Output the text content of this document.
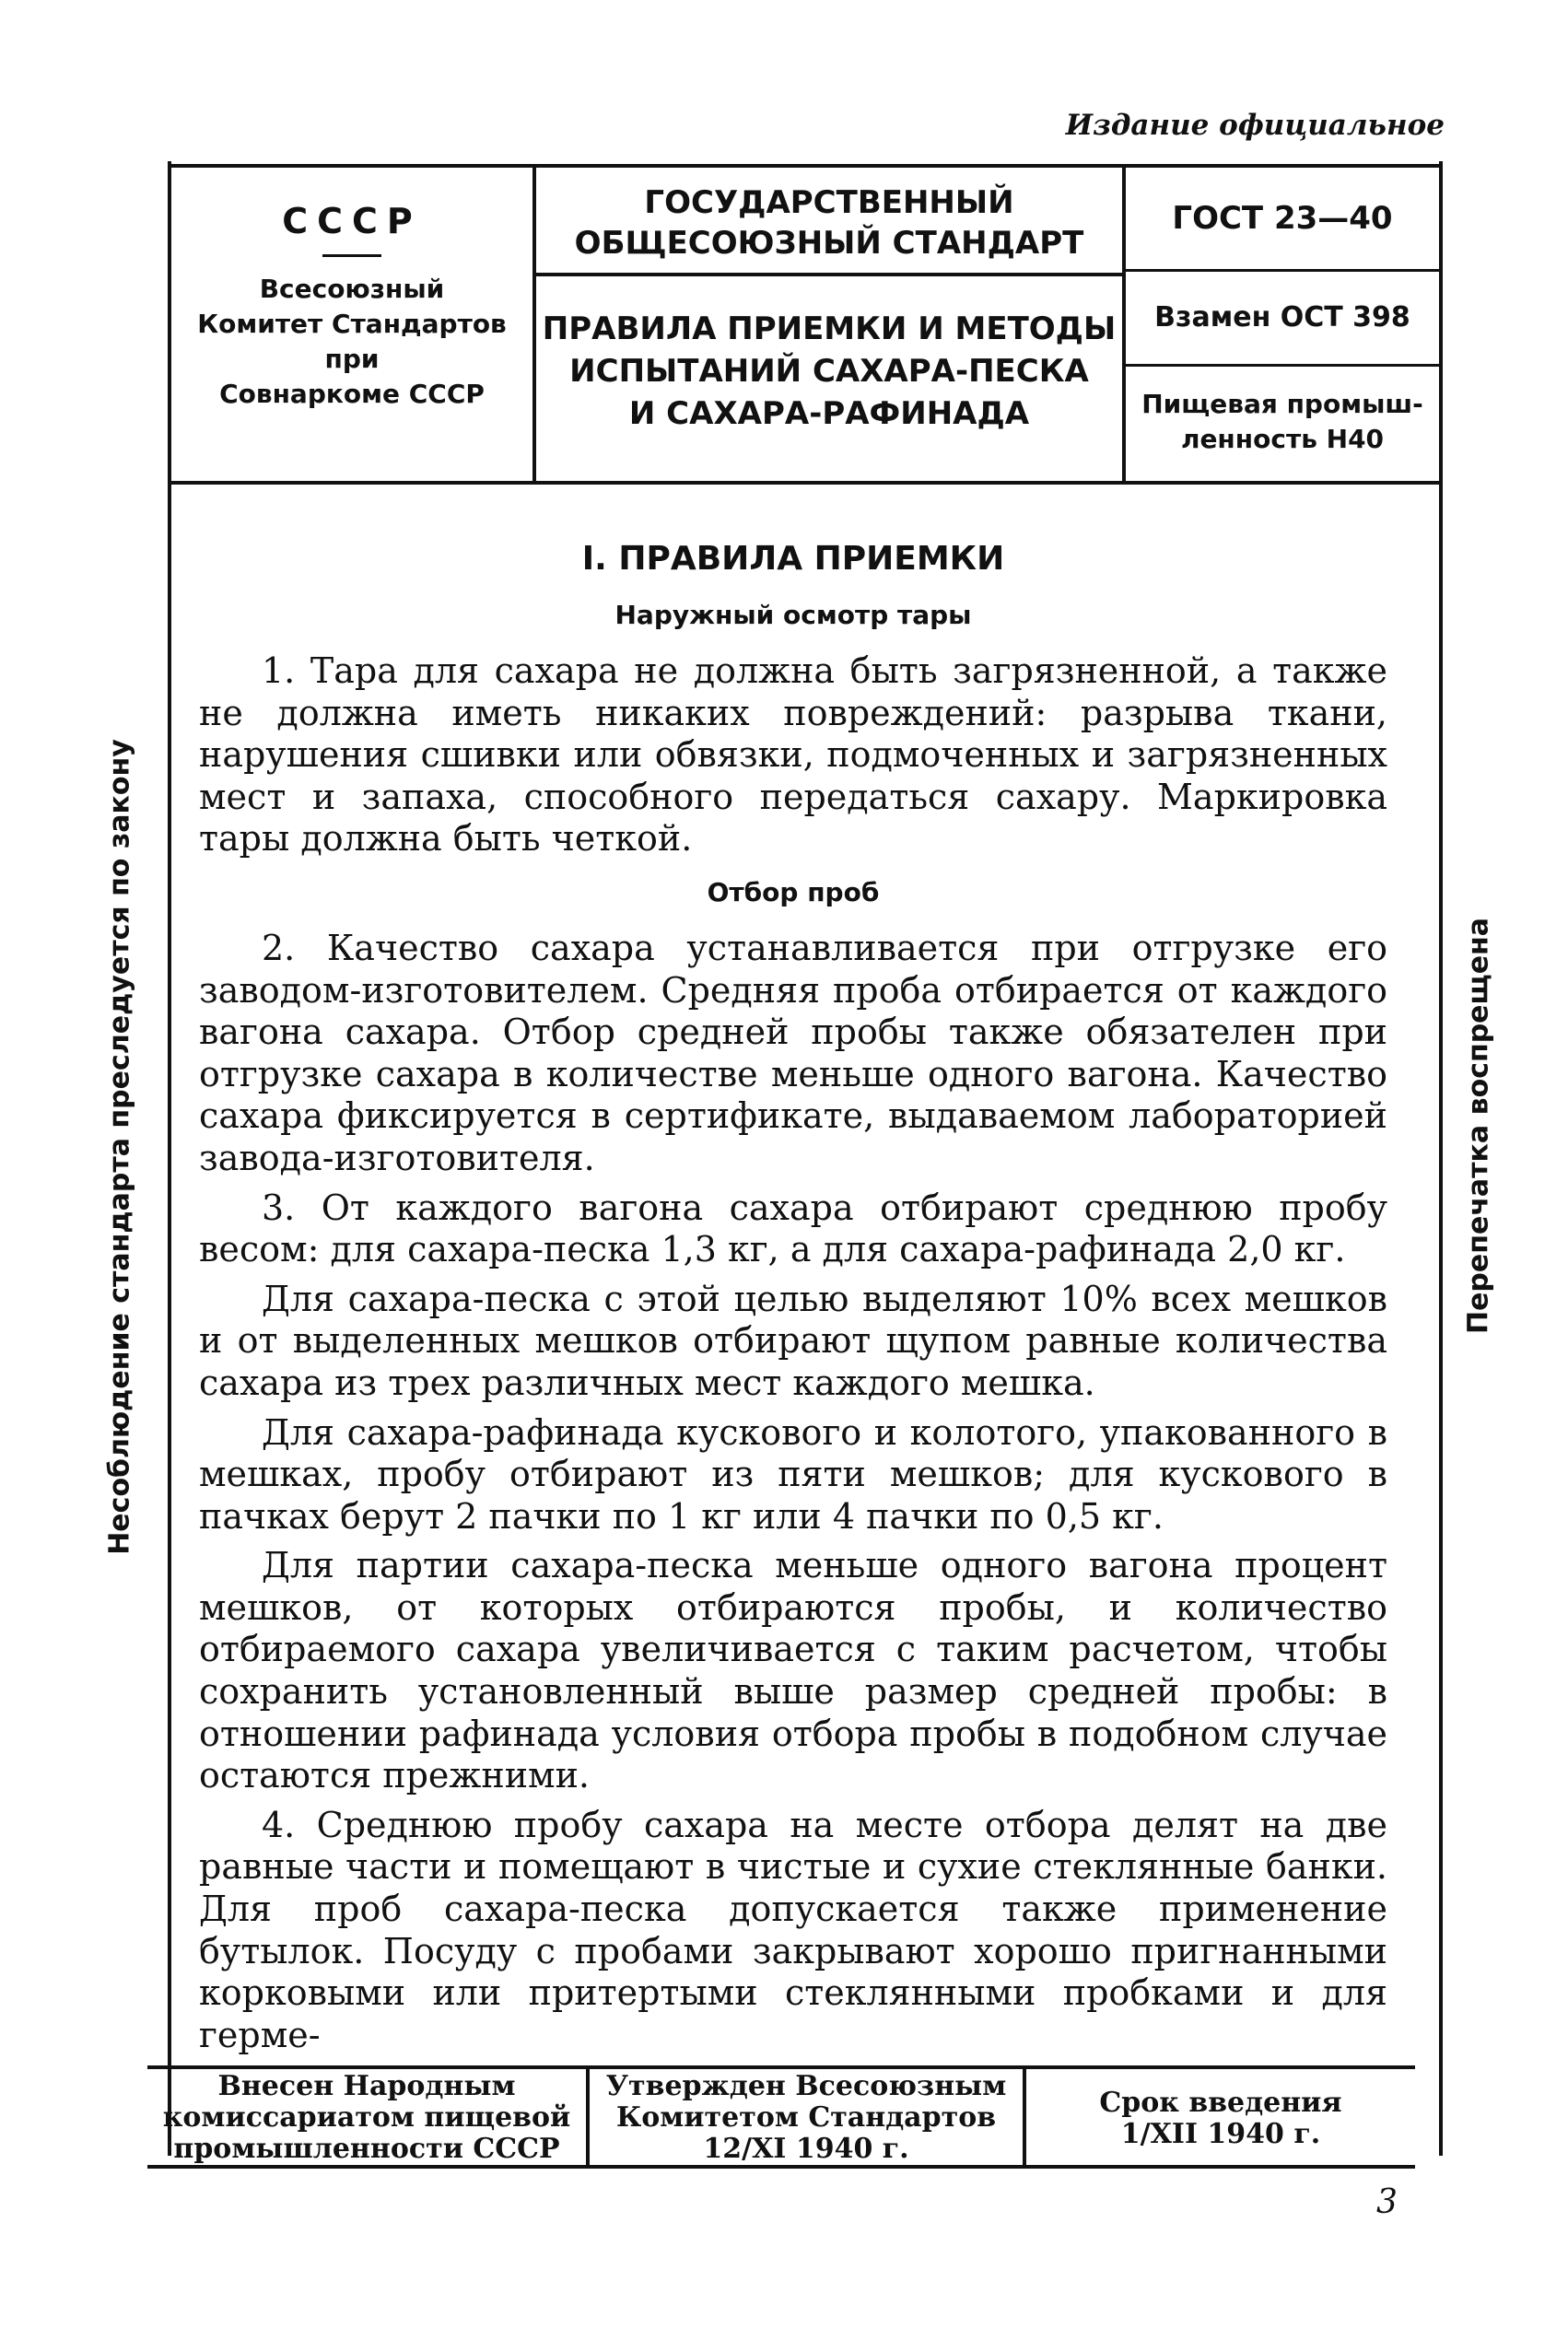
Издание официальное
Несоблюдение стандарта преследуется по закону	Перепечатка воспрещена
СССР
Всесоюзный
Комитет Стандартов
при
Совнаркоме СССР
ГОСУДАРСТВЕННЫЙ
ОБЩЕСОЮЗНЫЙ СТАНДАРТ
ПРАВИЛА ПРИЕМКИ И МЕТОДЫ
ИСПЫТАНИЙ САХАРА-ПЕСКА
И САХАРА-РАФИНАДА
ГОСТ 23—40
Взамен ОСТ 398
Пищевая промыш-
ленность Н40
I. ПРАВИЛА ПРИЕМКИ
Наружный осмотр тары

1. Тара для сахара не должна быть загрязненной, а также не должна иметь никаких повреждений: разрыва ткани, нарушения сшивки или обвязки, подмоченных и загрязненных мест и запаха, способного передаться сахару. Маркировка тары должна быть четкой.

Отбор проб

2. Качество сахара устанавливается при отгрузке его заводом-изготовителем. Средняя проба отбирается от каждого вагона сахара. Отбор средней пробы также обязателен при отгрузке сахара в количестве меньше одного вагона. Качество сахара фиксируется в сертификате, выдаваемом лабораторией завода-изготовителя.

3. От каждого вагона сахара отбирают среднюю пробу весом: для сахара-песка 1,3 кг, а для сахара-рафинада 2,0 кг.

Для сахара-песка с этой целью выделяют 10% всех мешков и от выделенных мешков отбирают щупом равные количества сахара из трех различных мест каждого мешка.

Для сахара-рафинада кускового и колотого, упакованного в мешках, пробу отбирают из пяти мешков; для кускового в пачках берут 2 пачки по 1 кг или 4 пачки по 0,5 кг.

Для партии сахара-песка меньше одного вагона процент мешков, от которых отбираются пробы, и количество отбираемого сахара увеличивается с таким расчетом, чтобы сохранить установленный выше размер средней пробы: в отношении рафинада условия отбора пробы в подобном случае остаются прежними.

4. Среднюю пробу сахара на месте отбора делят на две равные части и помещают в чистые и сухие стеклянные банки. Для проб сахара-песка допускается также применение бутылок. Посуду с пробами закрывают хорошо пригнанными корковыми или притертыми стеклянными пробками и для герме-

Внесен Народным
комиссариатом пищевой
промышленности СССР
Утвержден Всесоюзным
Комитетом Стандартов
12/XI 1940 г.
Срок введения
1/XII 1940 г.
3
